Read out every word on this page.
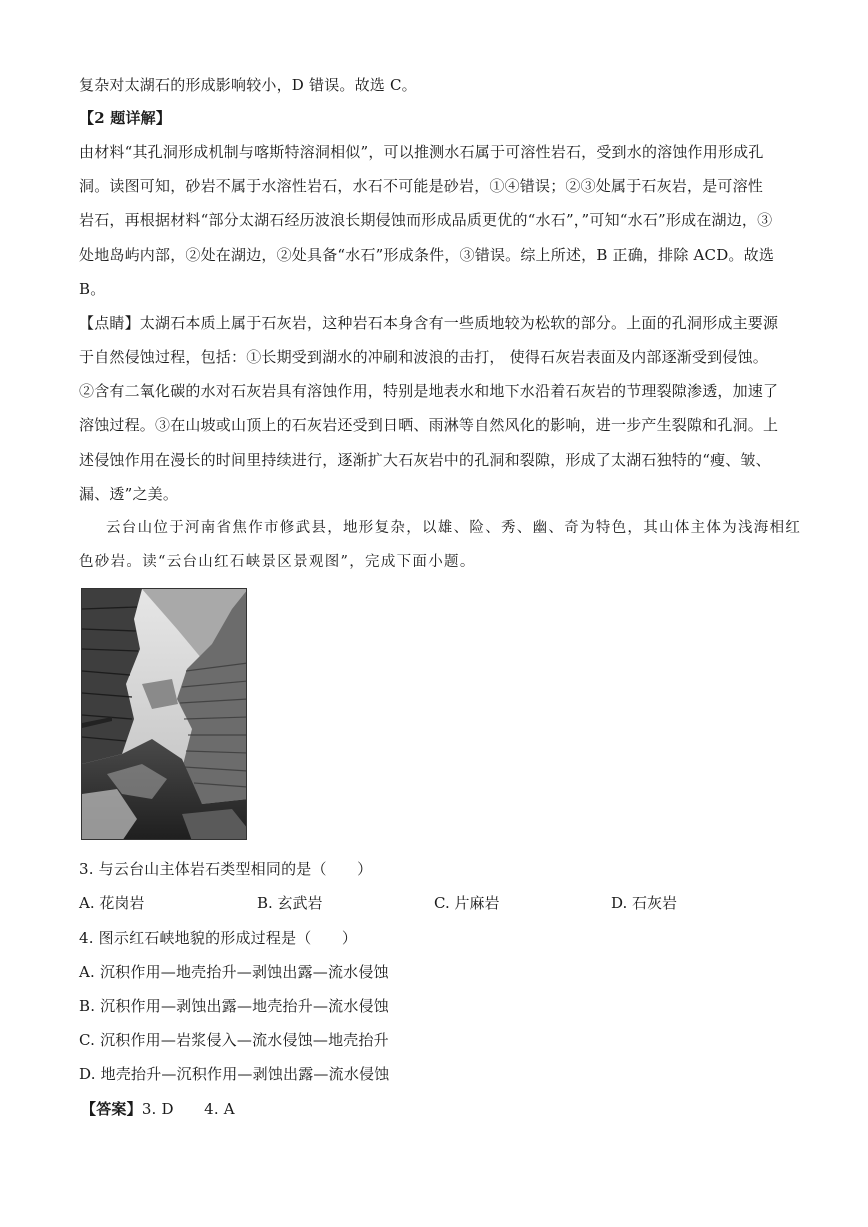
复杂对太湖石的形成影响较小，D 错误。故选 C。
【2 题详解】
由材料“其孔洞形成机制与喀斯特溶洞相似”，可以推测水石属于可溶性岩石，受到水的溶蚀作用形成孔
洞。读图可知，砂岩不属于水溶性岩石，水石不可能是砂岩，①④错误；②③处属于石灰岩，是可溶性
岩石，再根据材料“部分太湖石经历波浪长期侵蚀而形成品质更优的“水石”，”可知“水石”形成在湖边，③
处地岛屿内部，②处在湖边，②处具备“水石”形成条件，③错误。综上所述，B 正确，排除 ACD。故选
B。
【点睛】太湖石本质上属于石灰岩，这种岩石本身含有一些质地较为松软的部分。上面的孔洞形成主要源
于自然侵蚀过程，包括：①长期受到湖水的冲刷和波浪的击打， 使得石灰岩表面及内部逐渐受到侵蚀。
②含有二氧化碳的水对石灰岩具有溶蚀作用，特别是地表水和地下水沿着石灰岩的节理裂隙渗透，加速了
溶蚀过程。③在山坡或山顶上的石灰岩还受到日晒、雨淋等自然风化的影响，进一步产生裂隙和孔洞。上
述侵蚀作用在漫长的时间里持续进行，逐渐扩大石灰岩中的孔洞和裂隙，形成了太湖石独特的“瘦、皱、
漏、透”之美。
云台山位于河南省焦作市修武县，地形复杂，以雄、险、秀、幽、奇为特色，其山体主体为浅海相红
色砂岩。读“云台山红石峡景区景观图”，完成下面小题。
3. 与云台山主体岩石类型相同的是（　　）
A. 花岗岩	B. 玄武岩	C. 片麻岩	D. 石灰岩
4. 图示红石峡地貌的形成过程是（　　）
A. 沉积作用—地壳抬升—剥蚀出露—流水侵蚀
B. 沉积作用—剥蚀出露—地壳抬升—流水侵蚀
C. 沉积作用—岩浆侵入—流水侵蚀—地壳抬升
D. 地壳抬升—沉积作用—剥蚀出露—流水侵蚀
【答案】3. D　　4. A
